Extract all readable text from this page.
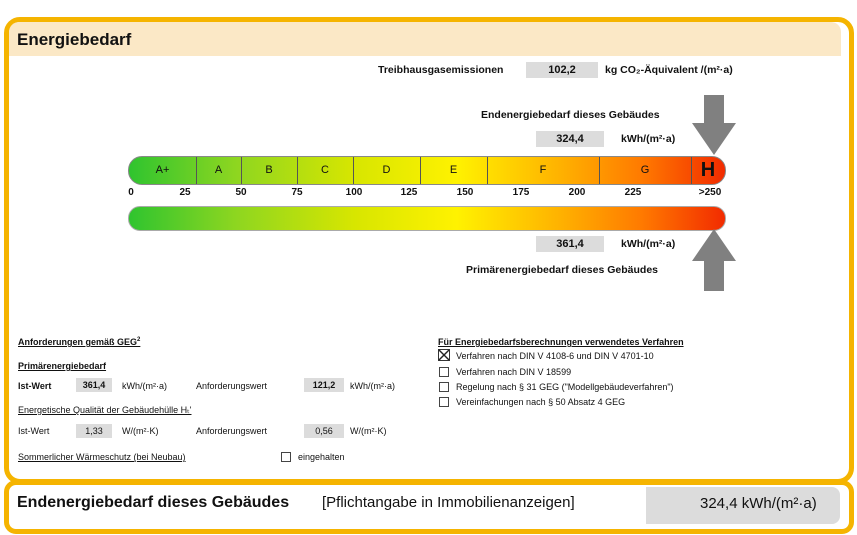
Energiebedarf
Treibhausgasemissionen	102,2	kg CO₂-Äquivalent /(m²·a)
Endenergiebedarf dieses Gebäudes
324,4	kWh/(m²·a)
A+	A	B	C	D	E	F	G	H
0	25	50	75	100	125	150	175	200	225	>250
361,4	kWh/(m²·a)
Primärenergiebedarf dieses Gebäudes
Anforderungen gemäß GEG$^2$
Primärenergiebedarf
Ist-Wert	361,4	kWh/(m²·a)	Anforderungswert	121,2	kWh/(m²·a)
Energetische Qualität der Gebäudehülle Hₜ'
Ist-Wert	1,33	W/(m²·K)	Anforderungswert	0,56	W/(m²·K)
Sommerlicher Wärmeschutz (bei Neubau)	eingehalten
Für Energiebedarfsberechnungen verwendetes Verfahren
Verfahren nach DIN V 4108-6 und DIN V 4701-10
Verfahren nach DIN V 18599
Regelung nach § 31 GEG ("Modellgebäudeverfahren")
Vereinfachungen nach § 50 Absatz 4 GEG
Endenergiebedarf dieses Gebäudes [Pflichtangabe in Immobilienanzeigen]	324,4 kWh/(m²·a)
